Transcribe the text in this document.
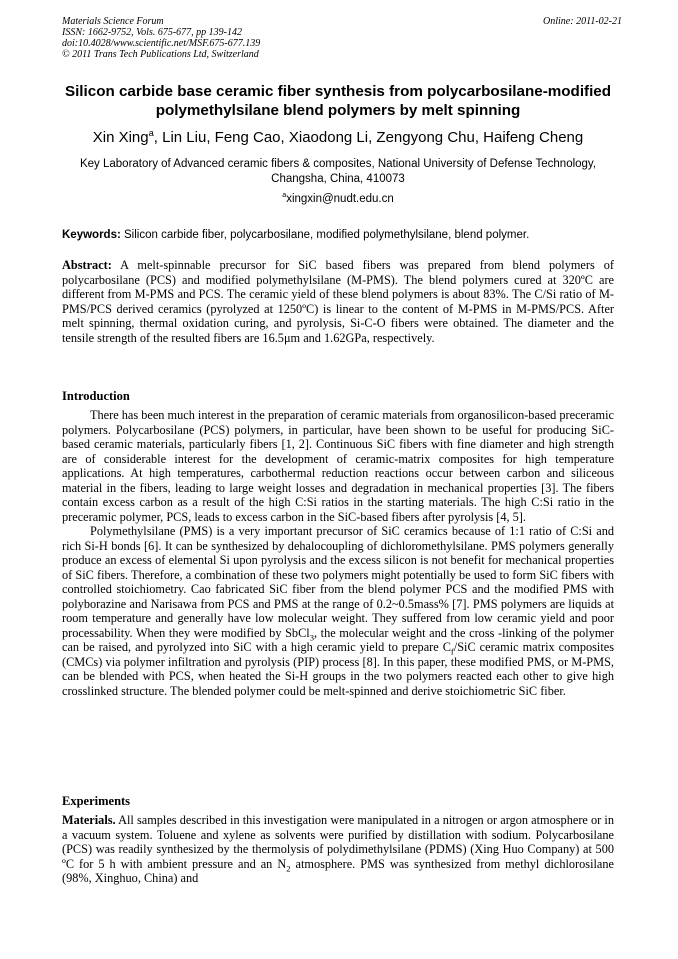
Materials Science Forum	Online: 2011-02-21
ISSN: 1662-9752, Vols. 675-677, pp 139-142
doi:10.4028/www.scientific.net/MSF.675-677.139
© 2011 Trans Tech Publications Ltd, Switzerland
Silicon carbide base ceramic fiber synthesis from polycarbosilane-modified polymethylsilane blend polymers by melt spinning
Xin Xing$^a$, Lin Liu, Feng Cao, Xiaodong Li, Zengyong Chu, Haifeng Cheng
Key Laboratory of Advanced ceramic fibers & composites, National University of Defense Technology, Changsha, China, 410073
$^a$xingxin@nudt.edu.cn
Keywords: Silicon carbide fiber, polycarbosilane, modified polymethylsilane, blend polymer.
Abstract: A melt-spinnable precursor for SiC based fibers was prepared from blend polymers of polycarbosilane (PCS) and modified polymethylsilane (M-PMS). The blend polymers cured at 320ºC are different from M-PMS and PCS. The ceramic yield of these blend polymers is about 83%. The C/Si ratio of M-PMS/PCS derived ceramics (pyrolyzed at 1250ºC) is linear to the content of M-PMS in M-PMS/PCS. After melt spinning, thermal oxidation curing, and pyrolysis, Si-C-O fibers were obtained. The diameter and the tensile strength of the resulted fibers are 16.5μm and 1.62GPa, respectively.
Introduction

There has been much interest in the preparation of ceramic materials from organosilicon-based preceramic polymers. Polycarbosilane (PCS) polymers, in particular, have been shown to be useful for producing SiC-based ceramic materials, particularly fibers [1, 2]. Continuous SiC fibers with fine diameter and high strength are of considerable interest for the development of ceramic-matrix composites for high temperature applications. At high temperatures, carbothermal reduction reactions occur between carbon and siliceous material in the fibers, leading to large weight losses and degradation in mechanical properties [3]. The fibers contain excess carbon as a result of the high C:Si ratios in the starting materials. The high C:Si ratio in the preceramic polymer, PCS, leads to excess carbon in the SiC-based fibers after pyrolysis [4, 5].

Polymethylsilane (PMS) is a very important precursor of SiC ceramics because of 1:1 ratio of C:Si and rich Si-H bonds [6]. It can be synthesized by dehalocoupling of dichloromethylsilane. PMS polymers generally produce an excess of elemental Si upon pyrolysis and the excess silicon is not benefit for mechanical properties of SiC fibers. Therefore, a combination of these two polymers might potentially be used to form SiC fibers with controlled stoichiometry. Cao fabricated SiC fiber from the blend polymer PCS and the modified PMS with polyborazine and Narisawa from PCS and PMS at the range of 0.2~0.5mass% [7]. PMS polymers are liquids at room temperature and generally have low molecular weight. They suffered from low ceramic yield and poor processability. When they were modified by SbCl$_3$, the molecular weight and the cross -linking of the polymer can be raised, and pyrolyzed into SiC with a high ceramic yield to prepare $C_f$/SiC ceramic matrix composites (CMCs) via polymer infiltration and pyrolysis (PIP) process [8]. In this paper, these modified PMS, or M-PMS, can be blended with PCS, when heated the Si-H groups in the two polymers reacted each other to give high crosslinked structure. The blended polymer could be melt-spinned and derive stoichiometric SiC fiber.

Experiments
Materials. All samples described in this investigation were manipulated in a nitrogen or argon atmosphere or in a vacuum system. Toluene and xylene as solvents were purified by distillation with sodium. Polycarbosilane (PCS) was readily synthesized by the thermolysis of polydimethylsilane (PDMS) (Xing Huo Company) at 500 ºC for 5 h with ambient pressure and an $N_2$ atmosphere. PMS was synthesized from methyl dichlorosilane (98%, Xinghuo, China) and
